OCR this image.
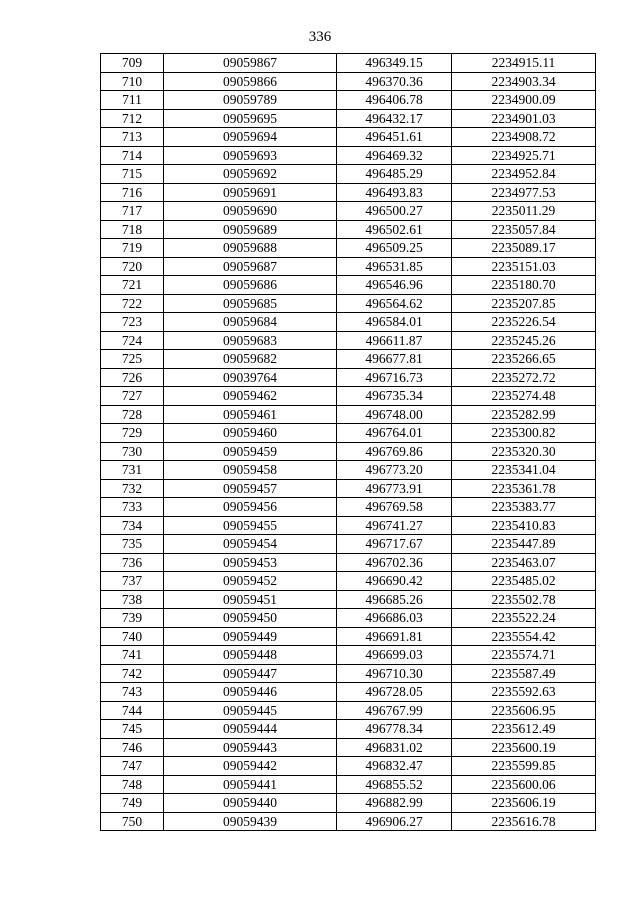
336
709	09059867	496349.15	2234915.11
710	09059866	496370.36	2234903.34
711	09059789	496406.78	2234900.09
712	09059695	496432.17	2234901.03
713	09059694	496451.61	2234908.72
714	09059693	496469.32	2234925.71
715	09059692	496485.29	2234952.84
716	09059691	496493.83	2234977.53
717	09059690	496500.27	2235011.29
718	09059689	496502.61	2235057.84
719	09059688	496509.25	2235089.17
720	09059687	496531.85	2235151.03
721	09059686	496546.96	2235180.70
722	09059685	496564.62	2235207.85
723	09059684	496584.01	2235226.54
724	09059683	496611.87	2235245.26
725	09059682	496677.81	2235266.65
726	09039764	496716.73	2235272.72
727	09059462	496735.34	2235274.48
728	09059461	496748.00	2235282.99
729	09059460	496764.01	2235300.82
730	09059459	496769.86	2235320.30
731	09059458	496773.20	2235341.04
732	09059457	496773.91	2235361.78
733	09059456	496769.58	2235383.77
734	09059455	496741.27	2235410.83
735	09059454	496717.67	2235447.89
736	09059453	496702.36	2235463.07
737	09059452	496690.42	2235485.02
738	09059451	496685.26	2235502.78
739	09059450	496686.03	2235522.24
740	09059449	496691.81	2235554.42
741	09059448	496699.03	2235574.71
742	09059447	496710.30	2235587.49
743	09059446	496728.05	2235592.63
744	09059445	496767.99	2235606.95
745	09059444	496778.34	2235612.49
746	09059443	496831.02	2235600.19
747	09059442	496832.47	2235599.85
748	09059441	496855.52	2235600.06
749	09059440	496882.99	2235606.19
750	09059439	496906.27	2235616.78
